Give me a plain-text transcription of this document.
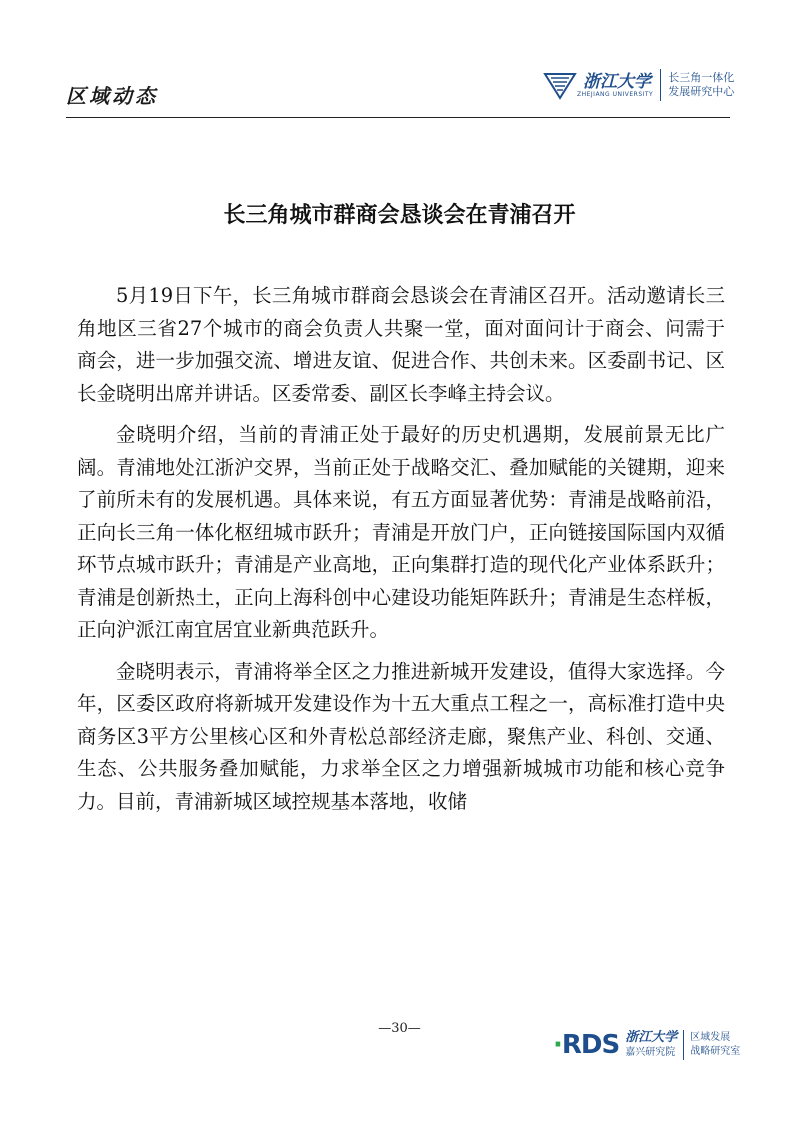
区域动态
浙江大学
ZHEJIANG UNIVERSITY
长三角一体化
发展研究中心
长三角城市群商会恳谈会在青浦召开

5月19日下午，长三角城市群商会恳谈会在青浦区召开。活动邀请长三角地区三省27个城市的商会负责人共聚一堂，面对面问计于商会、问需于商会，进一步加强交流、增进友谊、促进合作、共创未来。区委副书记、区长金晓明出席并讲话。区委常委、副区长李峰主持会议。

金晓明介绍，当前的青浦正处于最好的历史机遇期，发展前景无比广阔。青浦地处江浙沪交界，当前正处于战略交汇、叠加赋能的关键期，迎来了前所未有的发展机遇。具体来说，有五方面显著优势：青浦是战略前沿，正向长三角一体化枢纽城市跃升；青浦是开放门户，正向链接国际国内双循环节点城市跃升；青浦是产业高地，正向集群打造的现代化产业体系跃升；青浦是创新热土，正向上海科创中心建设功能矩阵跃升；青浦是生态样板，正向沪派江南宜居宜业新典范跃升。

金晓明表示，青浦将举全区之力推进新城开发建设，值得大家选择。今年，区委区政府将新城开发建设作为十五大重点工程之一，高标准打造中央商务区3平方公里核心区和外青松总部经济走廊，聚焦产业、科创、交通、生态、公共服务叠加赋能，力求举全区之力增强新城城市功能和核心竞争力。目前，青浦新城区域控规基本落地，收储

—30—
·RDS 浙江大学
嘉兴研究院
区域发展
战略研究室
